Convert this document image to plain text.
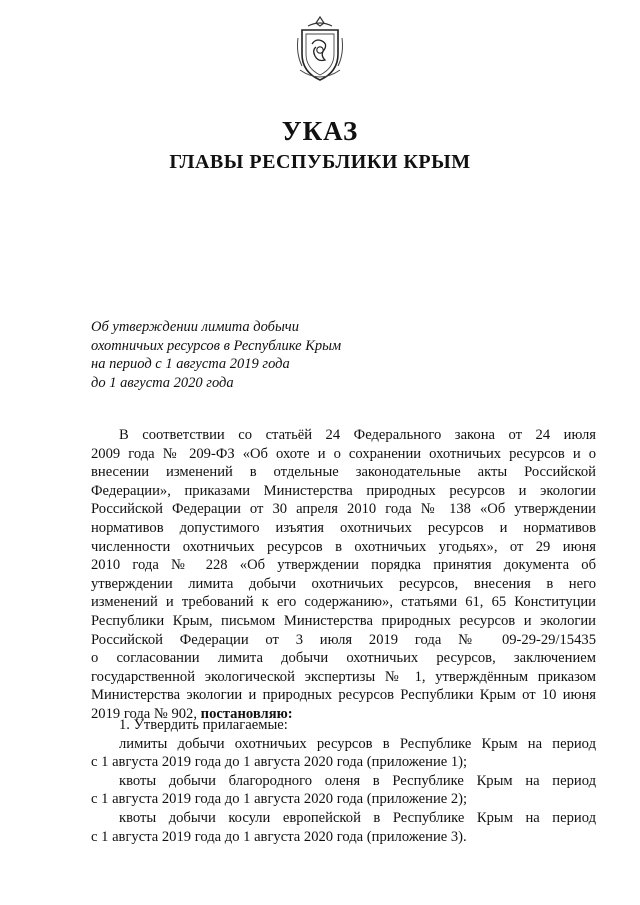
УКАЗ
ГЛАВЫ РЕСПУБЛИКИ КРЫМ
Об утверждении лимита добычи
охотничьих ресурсов в Республике Крым
на период с 1 августа 2019 года
до 1 августа 2020 года
В соответствии со статьёй 24 Федерального закона от 24 июля
2009 года № 209-ФЗ «Об охоте и о сохранении охотничьих ресурсов и о
внесении изменений в отдельные законодательные акты Российской
Федерации», приказами Министерства природных ресурсов и экологии
Российской Федерации от 30 апреля 2010 года № 138 «Об утверждении
нормативов допустимого изъятия охотничьих ресурсов и нормативов
численности охотничьих ресурсов в охотничьих угодьях», от 29 июня
2010 года № 228 «Об утверждении порядка принятия документа об
утверждении лимита добычи охотничьих ресурсов, внесения в него
изменений и требований к его содержанию», статьями 61, 65 Конституции
Республики Крым, письмом Министерства природных ресурсов и экологии
Российской Федерации от 3 июля 2019 года № 09-29-29/15435
о согласовании лимита добычи охотничьих ресурсов, заключением
государственной экологической экспертизы № 1, утверждённым приказом
Министерства экологии и природных ресурсов Республики Крым от 10 июня
2019 года № 902, постановляю:
1. Утвердить прилагаемые:
лимиты добычи охотничьих ресурсов в Республике Крым на период
с 1 августа 2019 года до 1 августа 2020 года (приложение 1);
квоты добычи благородного оленя в Республике Крым на период
с 1 августа 2019 года до 1 августа 2020 года (приложение 2);
квоты добычи косули европейской в Республике Крым на период
с 1 августа 2019 года до 1 августа 2020 года (приложение 3).
